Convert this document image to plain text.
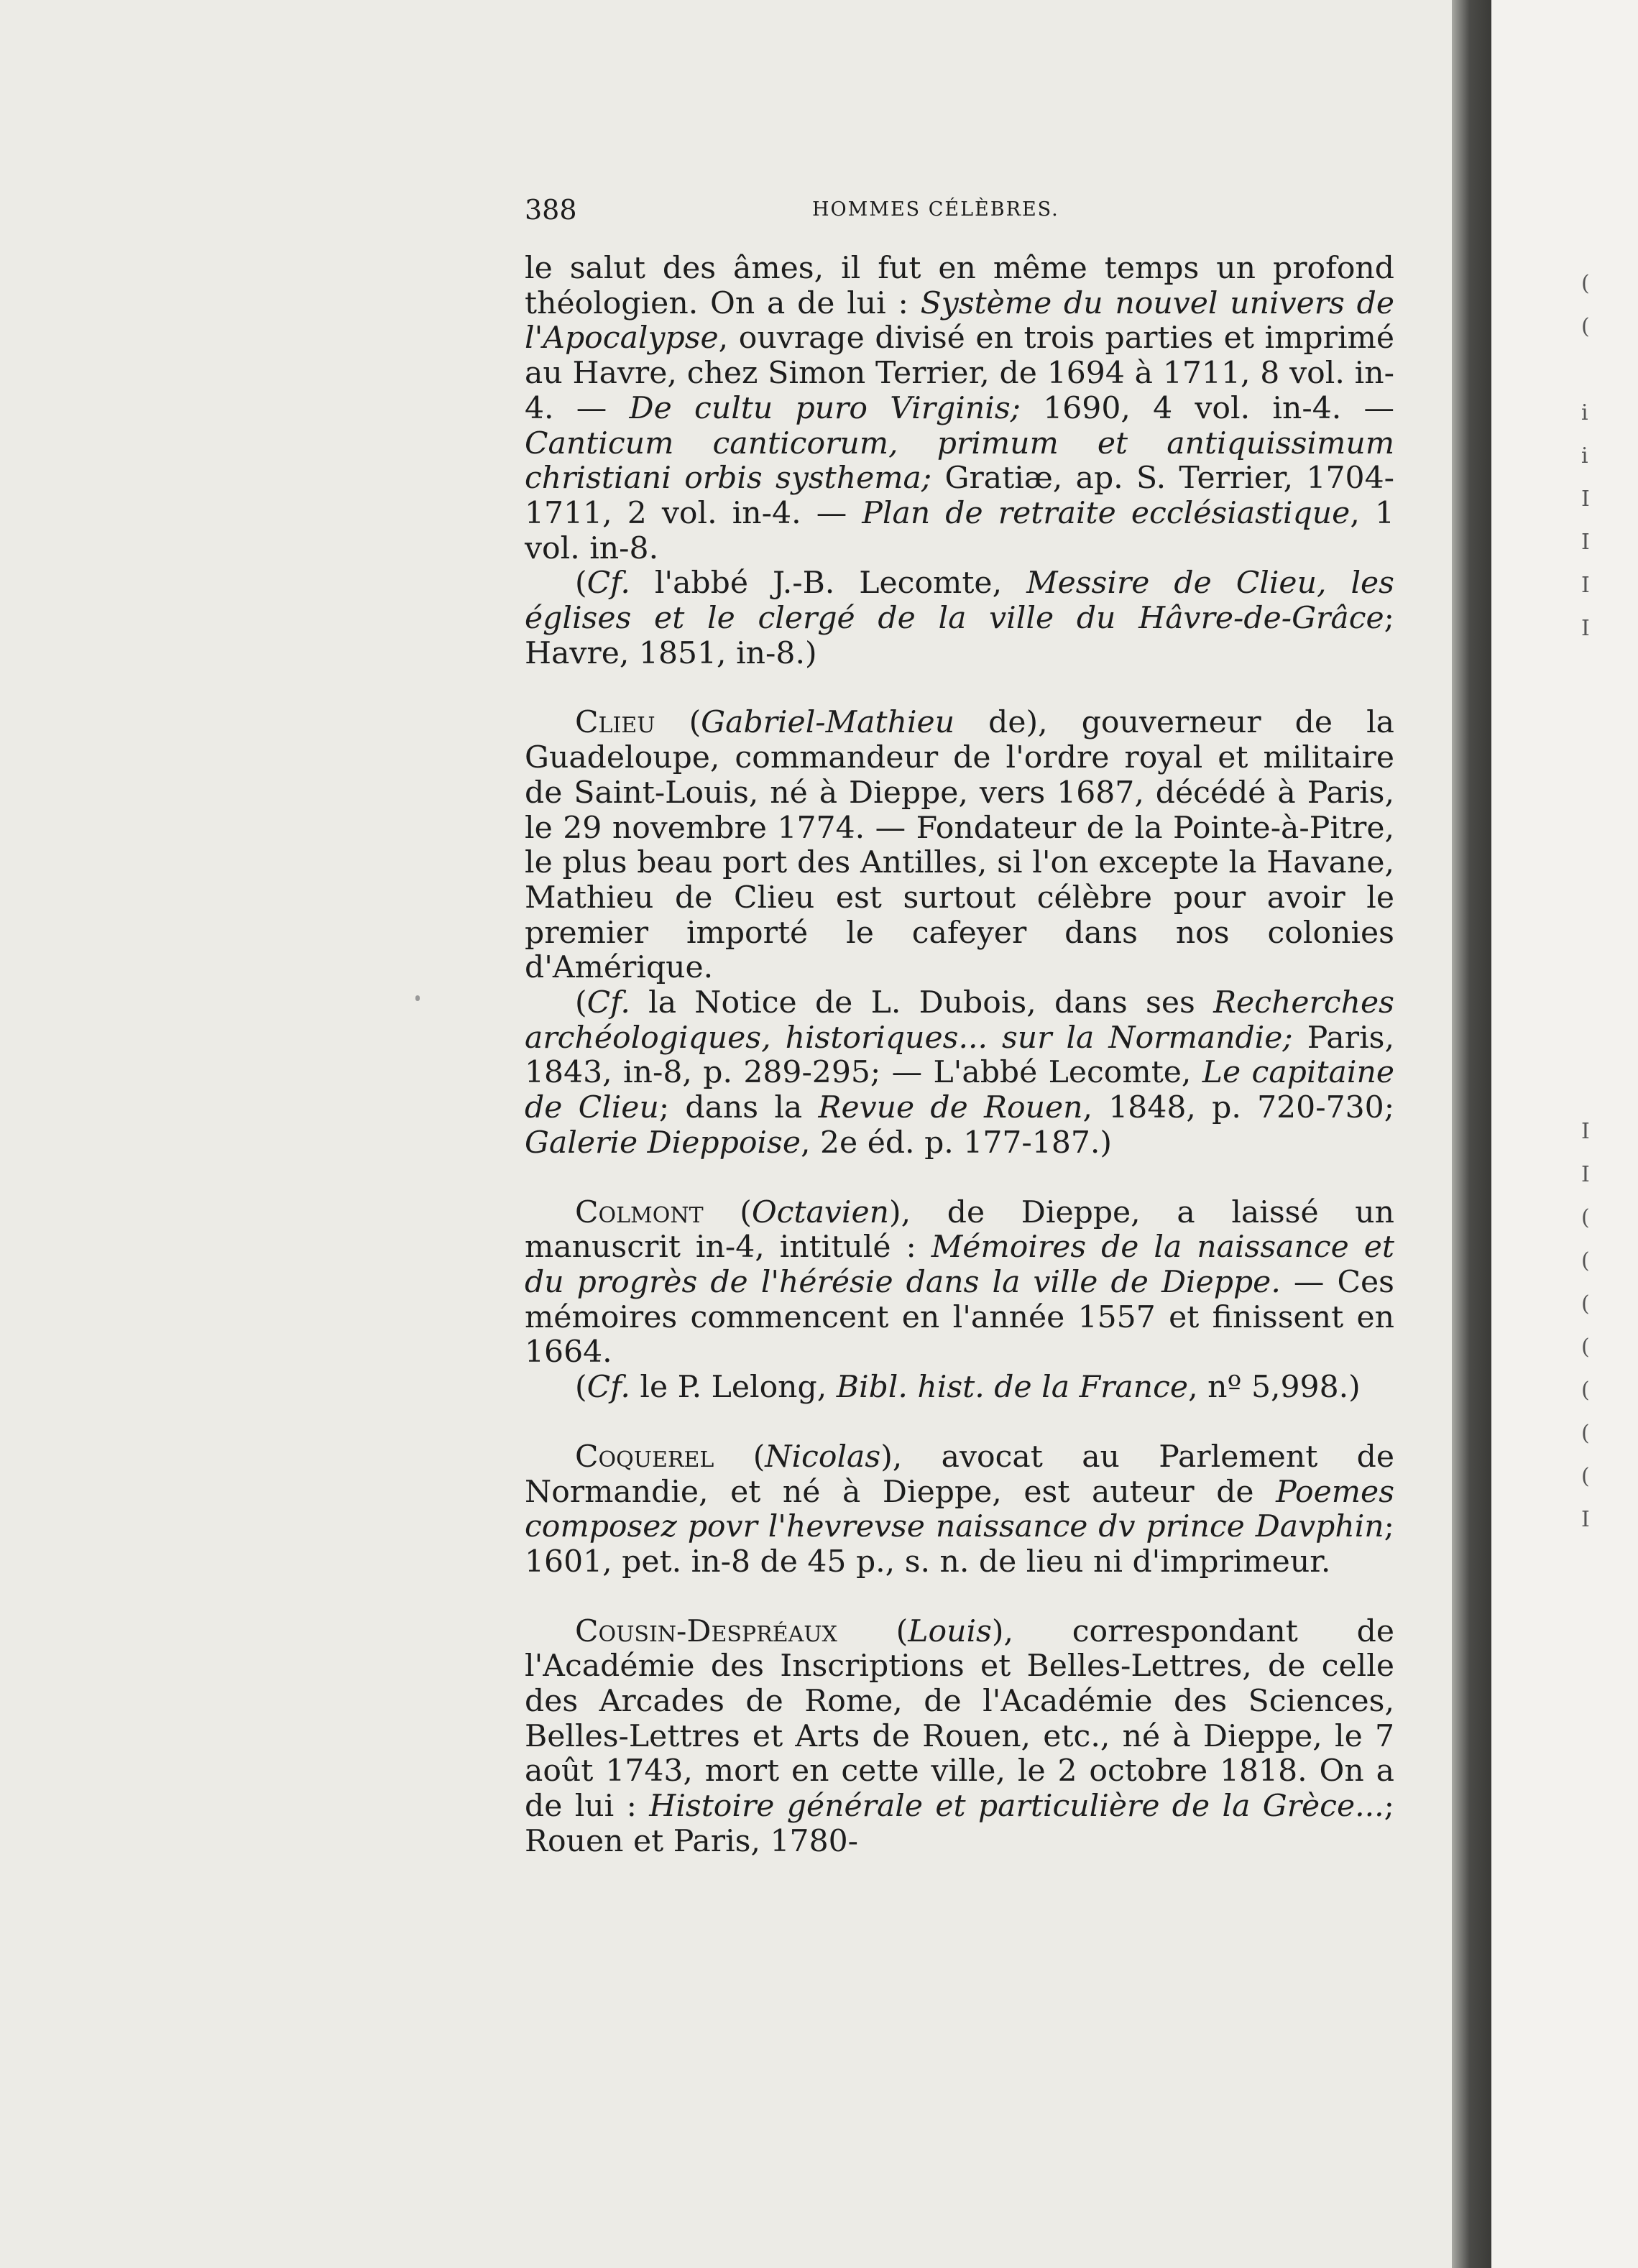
388	HOMMES CÉLÈBRES.

le salut des âmes, il fut en même temps un profond théologien. On a de lui : Système du nouvel univers de l'Apocalypse, ouvrage divisé en trois parties et imprimé au Havre, chez Simon Terrier, de 1694 à 1711, 8 vol. in-4. — De cultu puro Virginis; 1690, 4 vol. in-4. — Canticum canticorum, primum et antiquissimum christiani orbis systhema; Gratiæ, ap. S. Terrier, 1704-1711, 2 vol. in-4. — Plan de retraite ecclésiastique, 1 vol. in-8.

(Cf. l'abbé J.-B. Lecomte, Messire de Clieu, les églises et le clergé de la ville du Hâvre-de-Grâce; Havre, 1851, in-8.)

Clieu (Gabriel-Mathieu de), gouverneur de la Guadeloupe, commandeur de l'ordre royal et militaire de Saint-Louis, né à Dieppe, vers 1687, décédé à Paris, le 29 novembre 1774. — Fondateur de la Pointe-à-Pitre, le plus beau port des Antilles, si l'on excepte la Havane, Mathieu de Clieu est surtout célèbre pour avoir le premier importé le cafeyer dans nos colonies d'Amérique.

(Cf. la Notice de L. Dubois, dans ses Recherches archéologiques, historiques... sur la Normandie; Paris, 1843, in-8, p. 289-295; — L'abbé Lecomte, Le capitaine de Clieu; dans la Revue de Rouen, 1848, p. 720-730; Galerie Dieppoise, 2e éd. p. 177-187.)

Colmont (Octavien), de Dieppe, a laissé un manuscrit in-4, intitulé : Mémoires de la naissance et du progrès de l'hérésie dans la ville de Dieppe. — Ces mémoires commencent en l'année 1557 et finissent en 1664.

(Cf. le P. Lelong, Bibl. hist. de la France, nº 5,998.)

Coquerel (Nicolas), avocat au Parlement de Normandie, et né à Dieppe, est auteur de Poemes composez povr l'hevrevse naissance dv prince Davphin; 1601, pet. in-8 de 45 p., s. n. de lieu ni d'imprimeur.

Cousin-Despréaux (Louis), correspondant de l'Académie des Inscriptions et Belles-Lettres, de celle des Arcades de Rome, de l'Académie des Sciences, Belles-Lettres et Arts de Rouen, etc., né à Dieppe, le 7 août 1743, mort en cette ville, le 2 octobre 1818. On a de lui : Histoire générale et particulière de la Grèce...; Rouen et Paris, 1780-

(
(
i
i
I
I
I
I
I
I
(
(
(
(
(
(
(
I
